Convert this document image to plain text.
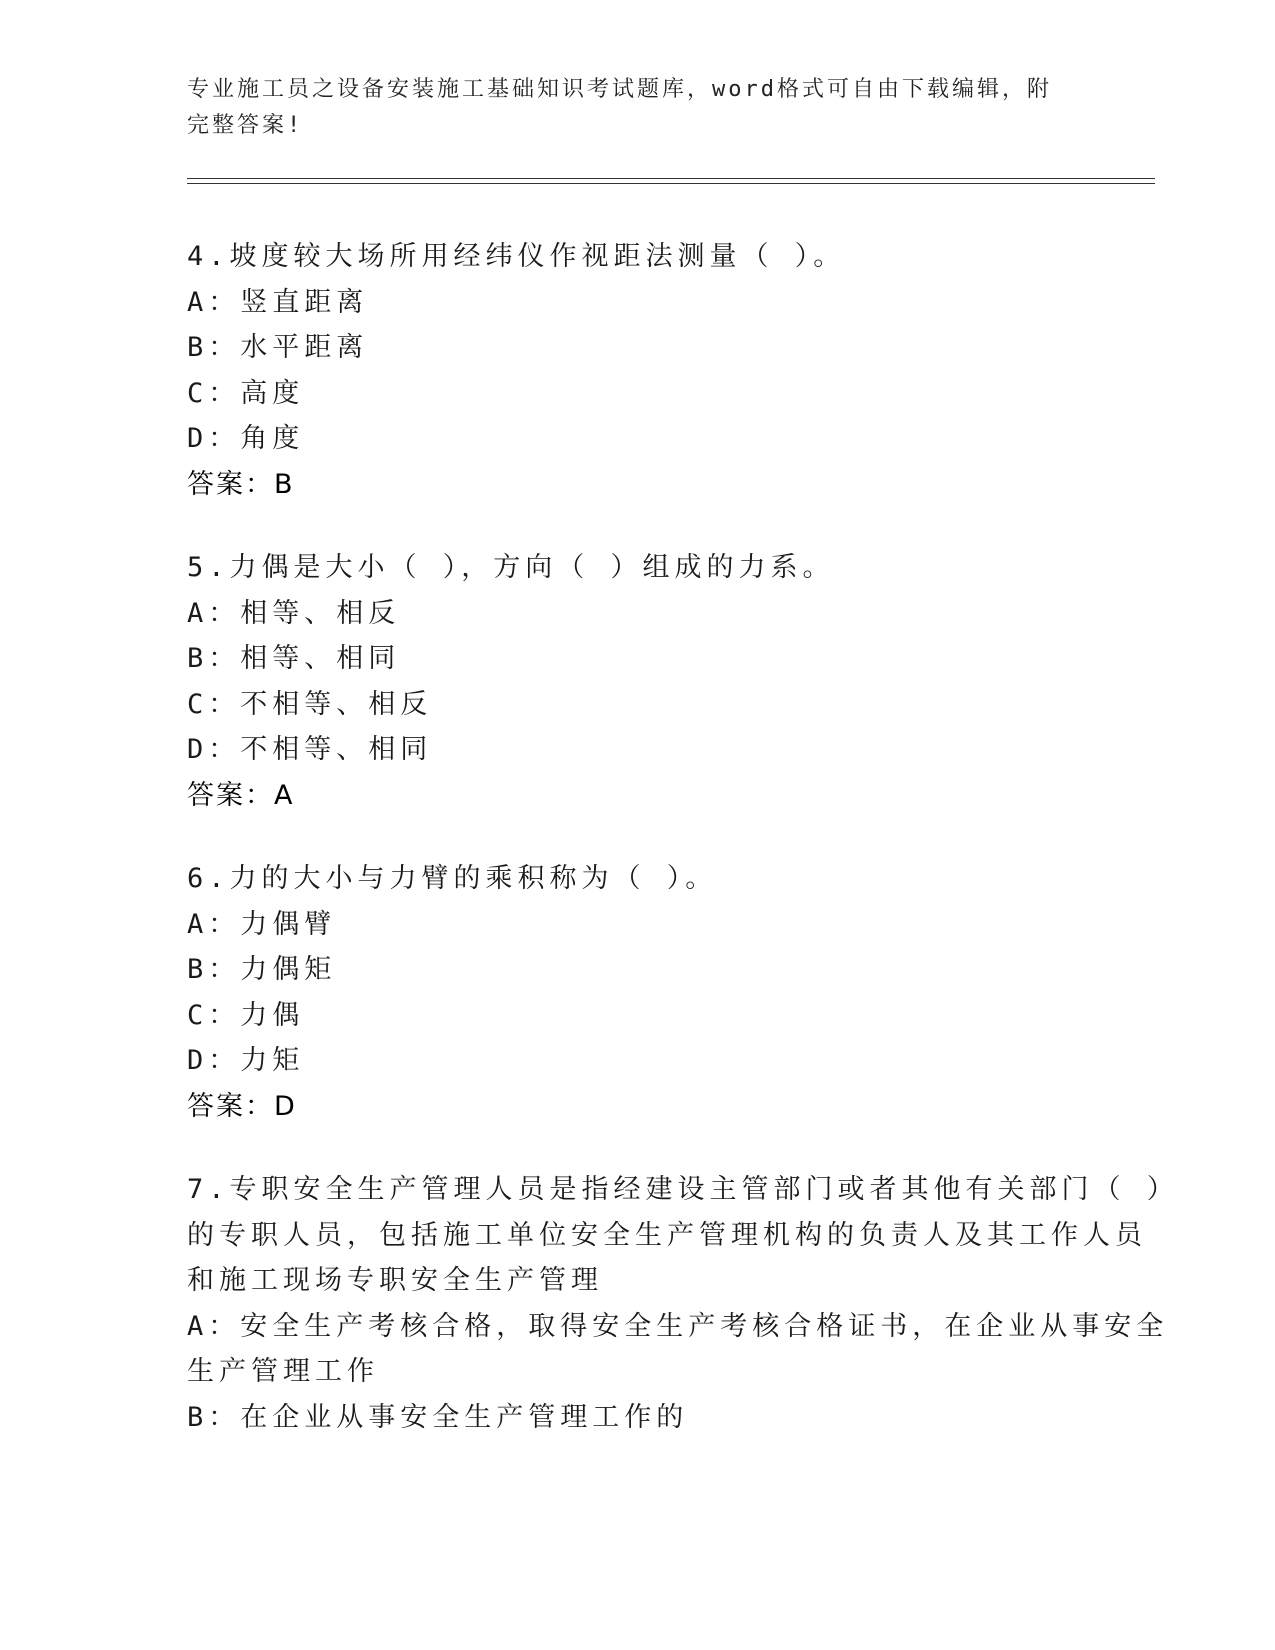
专业施工员之设备安装施工基础知识考试题库，word格式可自由下载编辑，附完整答案!
4.坡度较大场所用经纬仪作视距法测量（ ）。
A：竖直距离
B：水平距离
C：高度
D：角度
答案：B
5.力偶是大小（ ），方向（ ）组成的力系。
A：相等、相反
B：相等、相同
C：不相等、相反
D：不相等、相同
答案：A
6.力的大小与力臂的乘积称为（ ）。
A：力偶臂
B：力偶矩
C：力偶
D：力矩
答案：D
7.专职安全生产管理人员是指经建设主管部门或者其他有关部门（ ）
的专职人员，包括施工单位安全生产管理机构的负责人及其工作人员
和施工现场专职安全生产管理
A：安全生产考核合格，取得安全生产考核合格证书，在企业从事安全
生产管理工作
B：在企业从事安全生产管理工作的
